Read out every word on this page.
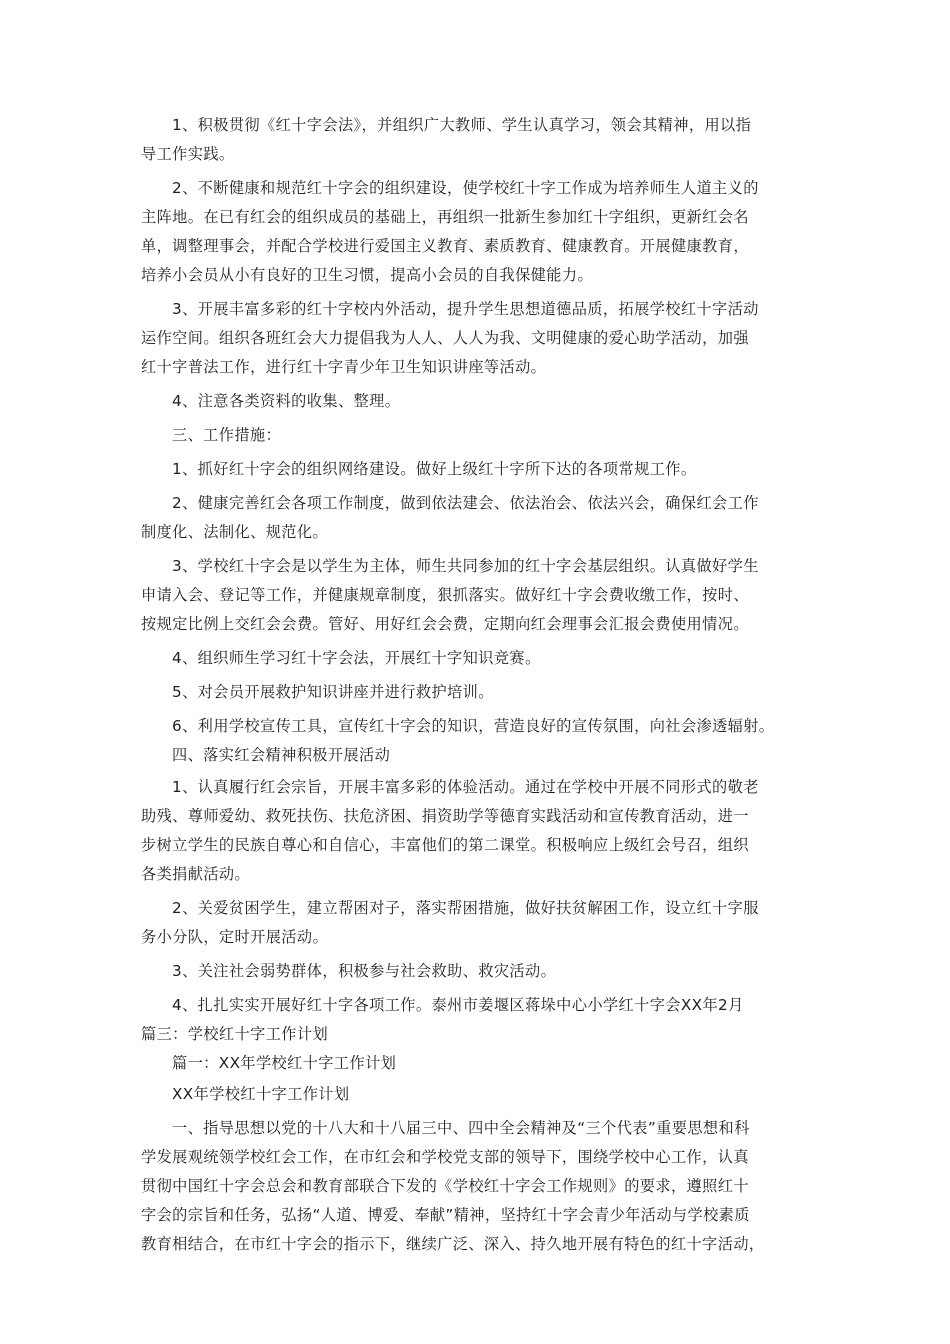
1、积极贯彻《红十字会法》，并组织广大教师、学生认真学习，领会其精神，用以指
导工作实践。
2、不断健康和规范红十字会的组织建设，使学校红十字工作成为培养师生人道主义的
主阵地。在已有红会的组织成员的基础上，再组织一批新生参加红十字组织，更新红会名
单，调整理事会，并配合学校进行爱国主义教育、素质教育、健康教育。开展健康教育，
培养小会员从小有良好的卫生习惯，提高小会员的自我保健能力。
3、开展丰富多彩的红十字校内外活动，提升学生思想道德品质，拓展学校红十字活动
运作空间。组织各班红会大力提倡我为人人、人人为我、文明健康的爱心助学活动，加强
红十字普法工作，进行红十字青少年卫生知识讲座等活动。
4、注意各类资料的收集、整理。
三、工作措施：
1、抓好红十字会的组织网络建设。做好上级红十字所下达的各项常规工作。
2、健康完善红会各项工作制度，做到依法建会、依法治会、依法兴会，确保红会工作
制度化、法制化、规范化。
3、学校红十字会是以学生为主体，师生共同参加的红十字会基层组织。认真做好学生
申请入会、登记等工作，并健康规章制度，狠抓落实。做好红十字会费收缴工作，按时、
按规定比例上交红会会费。管好、用好红会会费，定期向红会理事会汇报会费使用情况。
4、组织师生学习红十字会法，开展红十字知识竞赛。
5、对会员开展救护知识讲座并进行救护培训。
6、利用学校宣传工具，宣传红十字会的知识，营造良好的宣传氛围，向社会渗透辐射。
四、落实红会精神积极开展活动
1、认真履行红会宗旨，开展丰富多彩的体验活动。通过在学校中开展不同形式的敬老
助残、尊师爱幼、救死扶伤、扶危济困、捐资助学等德育实践活动和宣传教育活动，进一
步树立学生的民族自尊心和自信心，丰富他们的第二课堂。积极响应上级红会号召，组织
各类捐献活动。
2、关爱贫困学生，建立帮困对子，落实帮困措施，做好扶贫解困工作，设立红十字服
务小分队，定时开展活动。
3、关注社会弱势群体，积极参与社会救助、救灾活动。
4、扎扎实实开展好红十字各项工作。泰州市姜堰区蒋垛中心小学红十字会XX年2月
篇三：学校红十字工作计划
篇一：XX年学校红十字工作计划
XX年学校红十字工作计划
一、指导思想以党的十八大和十八届三中、四中全会精神及“三个代表”重要思想和科
学发展观统领学校红会工作，在市红会和学校党支部的领导下，围绕学校中心工作，认真
贯彻中国红十字会总会和教育部联合下发的《学校红十字会工作规则》的要求，遵照红十
字会的宗旨和任务，弘扬“人道、博爱、奉献”精神，坚持红十字会青少年活动与学校素质
教育相结合，在市红十字会的指示下，继续广泛、深入、持久地开展有特色的红十字活动，
